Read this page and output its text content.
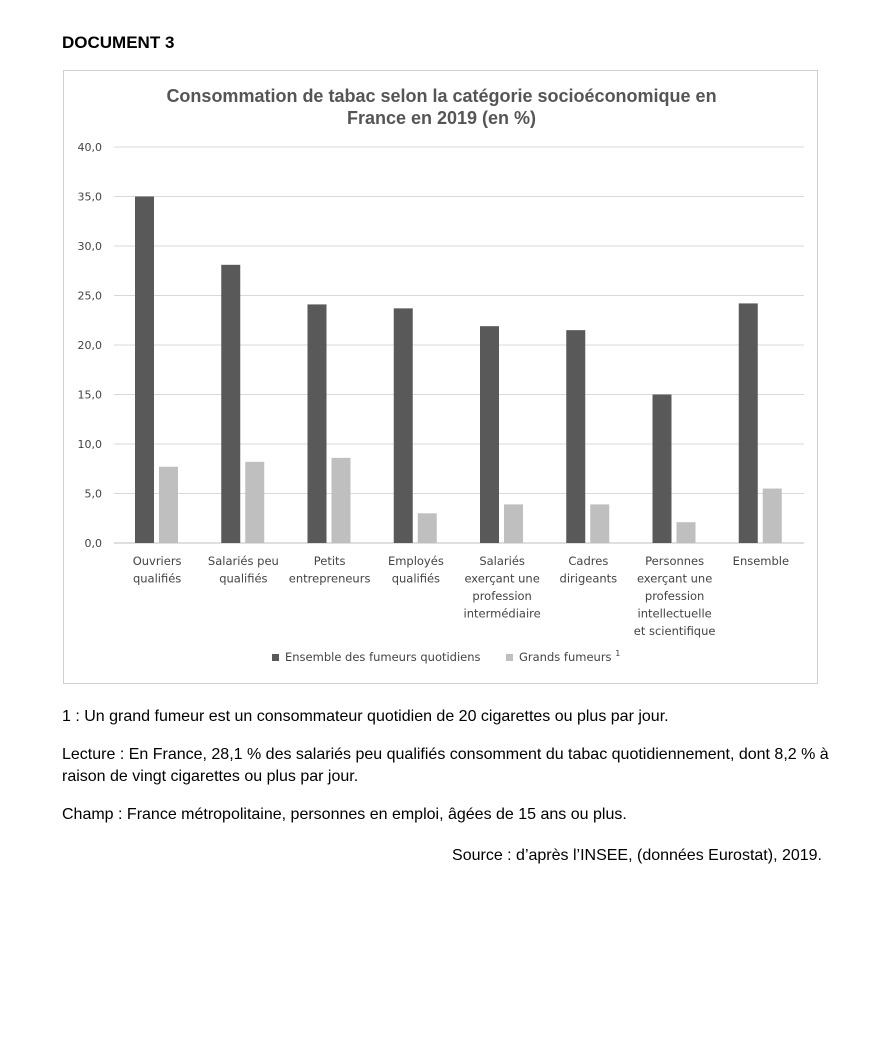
DOCUMENT 3
Consommation de tabac selon la catégorie socioéconomique en
France en 2019 (en %)
0,0
5,0
10,0
15,0
20,0
25,0
30,0
35,0
40,0
Ouvriers qualifiés
Salariés peu qualifiés
Petits entrepreneurs
Employés qualifiés
Salariés exerçant une profession intermédiaire
Cadres dirigeants
Personnes exerçant une profession intellectuelle et scientifique
Ensemble
Ensemble des fumeurs quotidiens	Grands fumeurs $^1$
1 : Un grand fumeur est un consommateur quotidien de 20 cigarettes ou plus par jour.
Lecture : En France, 28,1 % des salariés peu qualifiés consomment du tabac quotidiennement, dont 8,2 % à raison de vingt cigarettes ou plus par jour.
Champ : France métropolitaine, personnes en emploi, âgées de 15 ans ou plus.
Source : d’après l’INSEE, (données Eurostat), 2019.
